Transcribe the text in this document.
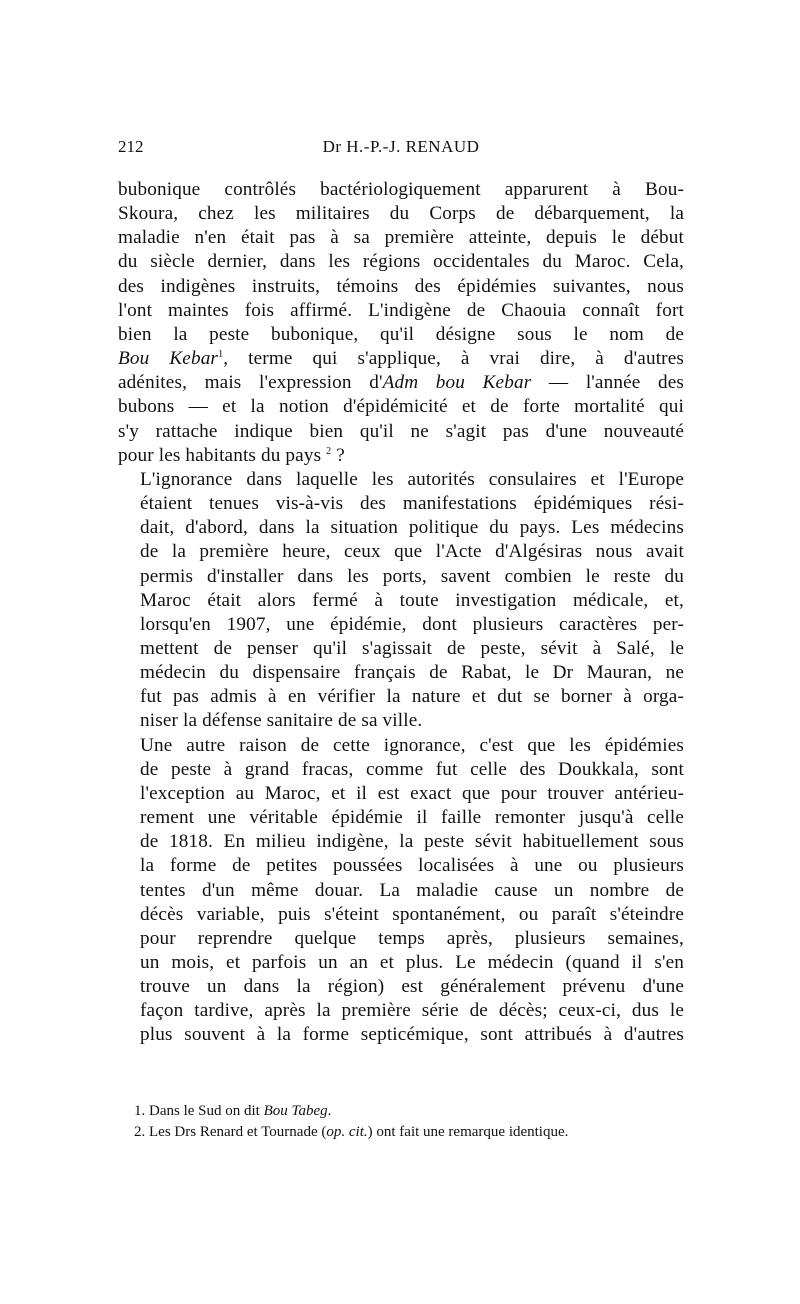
212	Dr H.-P.-J. RENAUD

bubonique contrôlés bactériologiquement apparurent à Bou-
Skoura, chez les militaires du Corps de débarquement, la
maladie n'en était pas à sa première atteinte, depuis le début
du siècle dernier, dans les régions occidentales du Maroc. Cela,
des indigènes instruits, témoins des épidémies suivantes, nous
l'ont maintes fois affirmé. L'indigène de Chaouia connaît fort
bien la peste bubonique, qu'il désigne sous le nom de
Bou Kebar$^1$, terme qui s'applique, à vrai dire, à d'autres
adénites, mais l'expression d'Adm bou Kebar — l'année des
bubons — et la notion d'épidémicité et de forte mortalité qui
s'y rattache indique bien qu'il ne s'agit pas d'une nouveauté
pour les habitants du pays $^2$ ?

L'ignorance dans laquelle les autorités consulaires et l'Europe
étaient tenues vis-à-vis des manifestations épidémiques rési-
dait, d'abord, dans la situation politique du pays. Les médecins
de la première heure, ceux que l'Acte d'Algésiras nous avait
permis d'installer dans les ports, savent combien le reste du
Maroc était alors fermé à toute investigation médicale, et,
lorsqu'en 1907, une épidémie, dont plusieurs caractères per-
mettent de penser qu'il s'agissait de peste, sévit à Salé, le
médecin du dispensaire français de Rabat, le Dr Mauran, ne
fut pas admis à en vérifier la nature et dut se borner à orga-
niser la défense sanitaire de sa ville.

Une autre raison de cette ignorance, c'est que les épidémies
de peste à grand fracas, comme fut celle des Doukkala, sont
l'exception au Maroc, et il est exact que pour trouver antérieu-
rement une véritable épidémie il faille remonter jusqu'à celle
de 1818. En milieu indigène, la peste sévit habituellement sous
la forme de petites poussées localisées à une ou plusieurs
tentes d'un même douar. La maladie cause un nombre de
décès variable, puis s'éteint spontanément, ou paraît s'éteindre
pour reprendre quelque temps après, plusieurs semaines,
un mois, et parfois un an et plus. Le médecin (quand il s'en
trouve un dans la région) est généralement prévenu d'une
façon tardive, après la première série de décès; ceux-ci, dus le
plus souvent à la forme septicémique, sont attribués à d'autres

1. Dans le Sud on dit Bou Tabeg.
2. Les Drs Renard et Tournade (op. cit.) ont fait une remarque identique.
